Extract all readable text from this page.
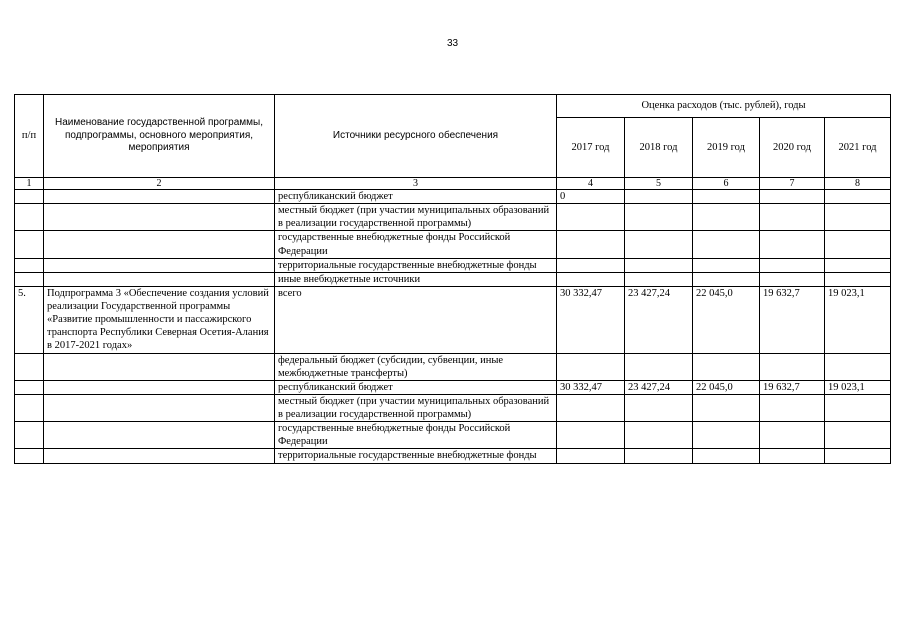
33
п/п	Наименование государственной программы, подпрограммы, основного мероприятия, мероприятия	Источники ресурсного обеспечения	Оценка расходов (тыс. рублей), годы				
			2017 год	2018 год	2019 год	2020 год	2021 год
1	2	3	4	5	6	7	8
		республиканский бюджет	0				
		местный бюджет (при участии муниципальных образований в реализации государственной программы)					
		государственные внебюджетные фонды Российской Федерации					
		территориальные государственные внебюджетные фонды					
		иные внебюджетные источники					
5.	Подпрограмма 3 «Обеспечение создания условий реализации Государственной программы «Развитие промышленности и пассажирского транспорта Республики Северная Осетия-Алания в 2017-2021 годах»	всего	30 332,47	23 427,24	22 045,0	19 632,7	19 023,1
		федеральный бюджет (субсидии, субвенции, иные межбюджетные трансферты)					
		республиканский бюджет	30 332,47	23 427,24	22 045,0	19 632,7	19 023,1
		местный бюджет (при участии муниципальных образований в реализации государственной программы)					
		государственные внебюджетные фонды Российской Федерации					
		территориальные государственные внебюджетные фонды					
